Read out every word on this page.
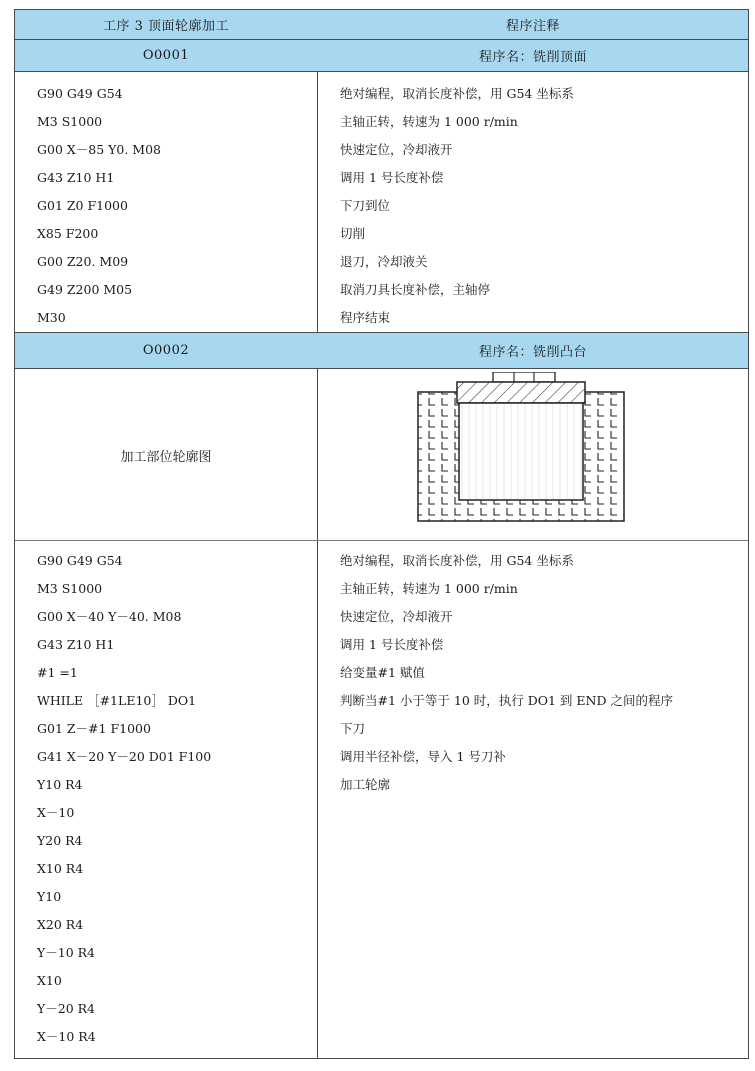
工序 3 顶面轮廓加工	程序注释
O0001	程序名：铣削顶面
G90 G49 G54	绝对编程，取消长度补偿，用 G54 坐标系
M3 S1000	主轴正转，转速为 1 000 r/min
G00 X－85 Y0. M08	快速定位，冷却液开
G43 Z10 H1	调用 1 号长度补偿
G01 Z0 F1000	下刀到位
X85 F200	切削
G00 Z20. M09	退刀，冷却液关
G49 Z200 M05	取消刀具长度补偿，主轴停
M30	程序结束
O0002	程序名：铣削凸台
加工部位轮廓图
G90 G49 G54	绝对编程，取消长度补偿，用 G54 坐标系
M3 S1000	主轴正转，转速为 1 000 r/min
G00 X－40 Y－40. M08	快速定位，冷却液开
G43 Z10 H1	调用 1 号长度补偿
#1 =1	给变量#1 赋值
WHILE ［#1LE10］ DO1	判断当#1 小于等于 10 时，执行 DO1 到 END 之间的程序
G01 Z－#1 F1000	下刀
G41 X－20 Y－20 D01 F100	调用半径补偿，导入 1 号刀补
Y10 R4	加工轮廓
X－10
Y20 R4
X10 R4
Y10
X20 R4
Y－10 R4
X10
Y－20 R4
X－10 R4
